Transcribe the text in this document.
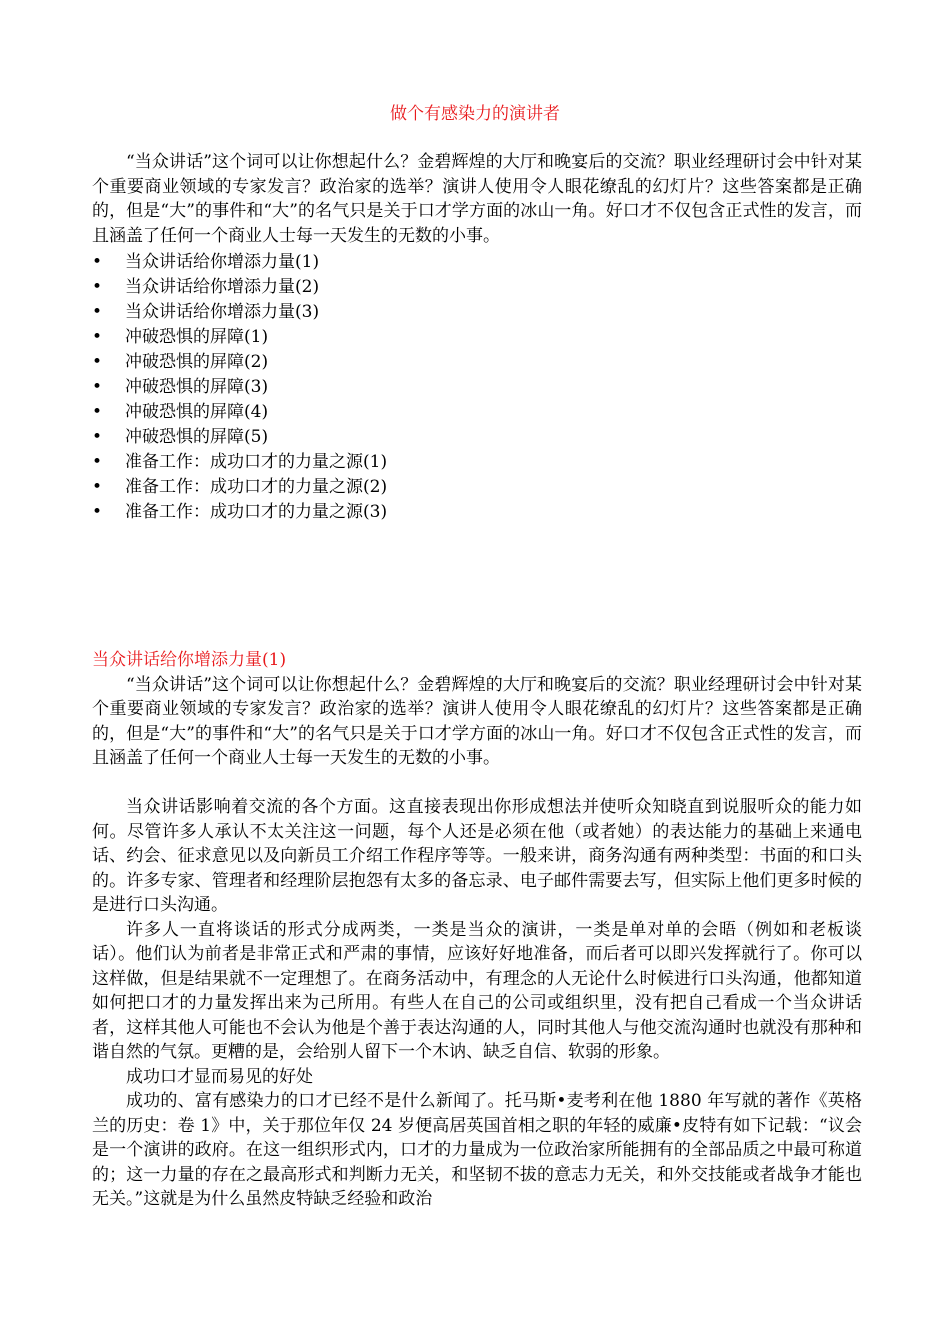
做个有感染力的演讲者

“当众讲话”这个词可以让你想起什么？金碧辉煌的大厅和晚宴后的交流？职业经理研讨会中针对某个重要商业领域的专家发言？政治家的选举？演讲人使用令人眼花缭乱的幻灯片？这些答案都是正确的，但是“大”的事件和“大”的名气只是关于口才学方面的冰山一角。好口才不仅包含正式性的发言，而且涵盖了任何一个商业人士每一天发生的无数的小事。

• 当众讲话给你增添力量(1)
• 当众讲话给你增添力量(2)
• 当众讲话给你增添力量(3)
• 冲破恐惧的屏障(1)
• 冲破恐惧的屏障(2)
• 冲破恐惧的屏障(3)
• 冲破恐惧的屏障(4)
• 冲破恐惧的屏障(5)
• 准备工作：成功口才的力量之源(1)
• 准备工作：成功口才的力量之源(2)
• 准备工作：成功口才的力量之源(3)
当众讲话给你增添力量(1)

“当众讲话”这个词可以让你想起什么？金碧辉煌的大厅和晚宴后的交流？职业经理研讨会中针对某个重要商业领域的专家发言？政治家的选举？演讲人使用令人眼花缭乱的幻灯片？这些答案都是正确的，但是“大”的事件和“大”的名气只是关于口才学方面的冰山一角。好口才不仅包含正式性的发言，而且涵盖了任何一个商业人士每一天发生的无数的小事。

当众讲话影响着交流的各个方面。这直接表现出你形成想法并使听众知晓直到说服听众的能力如何。尽管许多人承认不太关注这一问题，每个人还是必须在他（或者她）的表达能力的基础上来通电话、约会、征求意见以及向新员工介绍工作程序等等。一般来讲，商务沟通有两种类型：书面的和口头的。许多专家、管理者和经理阶层抱怨有太多的备忘录、电子邮件需要去写，但实际上他们更多时候的是进行口头沟通。

许多人一直将谈话的形式分成两类，一类是当众的演讲，一类是单对单的会晤（例如和老板谈话）。他们认为前者是非常正式和严肃的事情，应该好好地准备，而后者可以即兴发挥就行了。你可以这样做，但是结果就不一定理想了。在商务活动中，有理念的人无论什么时候进行口头沟通，他都知道如何把口才的力量发挥出来为己所用。有些人在自己的公司或组织里，没有把自己看成一个当众讲话者，这样其他人可能也不会认为他是个善于表达沟通的人，同时其他人与他交流沟通时也就没有那种和谐自然的气氛。更糟的是，会给别人留下一个木讷、缺乏自信、软弱的形象。

成功口才显而易见的好处

成功的、富有感染力的口才已经不是什么新闻了。托马斯•麦考利在他 1880 年写就的著作《英格兰的历史：卷 1》中，关于那位年仅 24 岁便高居英国首相之职的年轻的威廉•皮特有如下记载：“议会是一个演讲的政府。在这一组织形式内，口才的力量成为一位政治家所能拥有的全部品质之中最可称道的；这一力量的存在之最高形式和判断力无关，和坚韧不拔的意志力无关，和外交技能或者战争才能也无关。”这就是为什么虽然皮特缺乏经验和政治
